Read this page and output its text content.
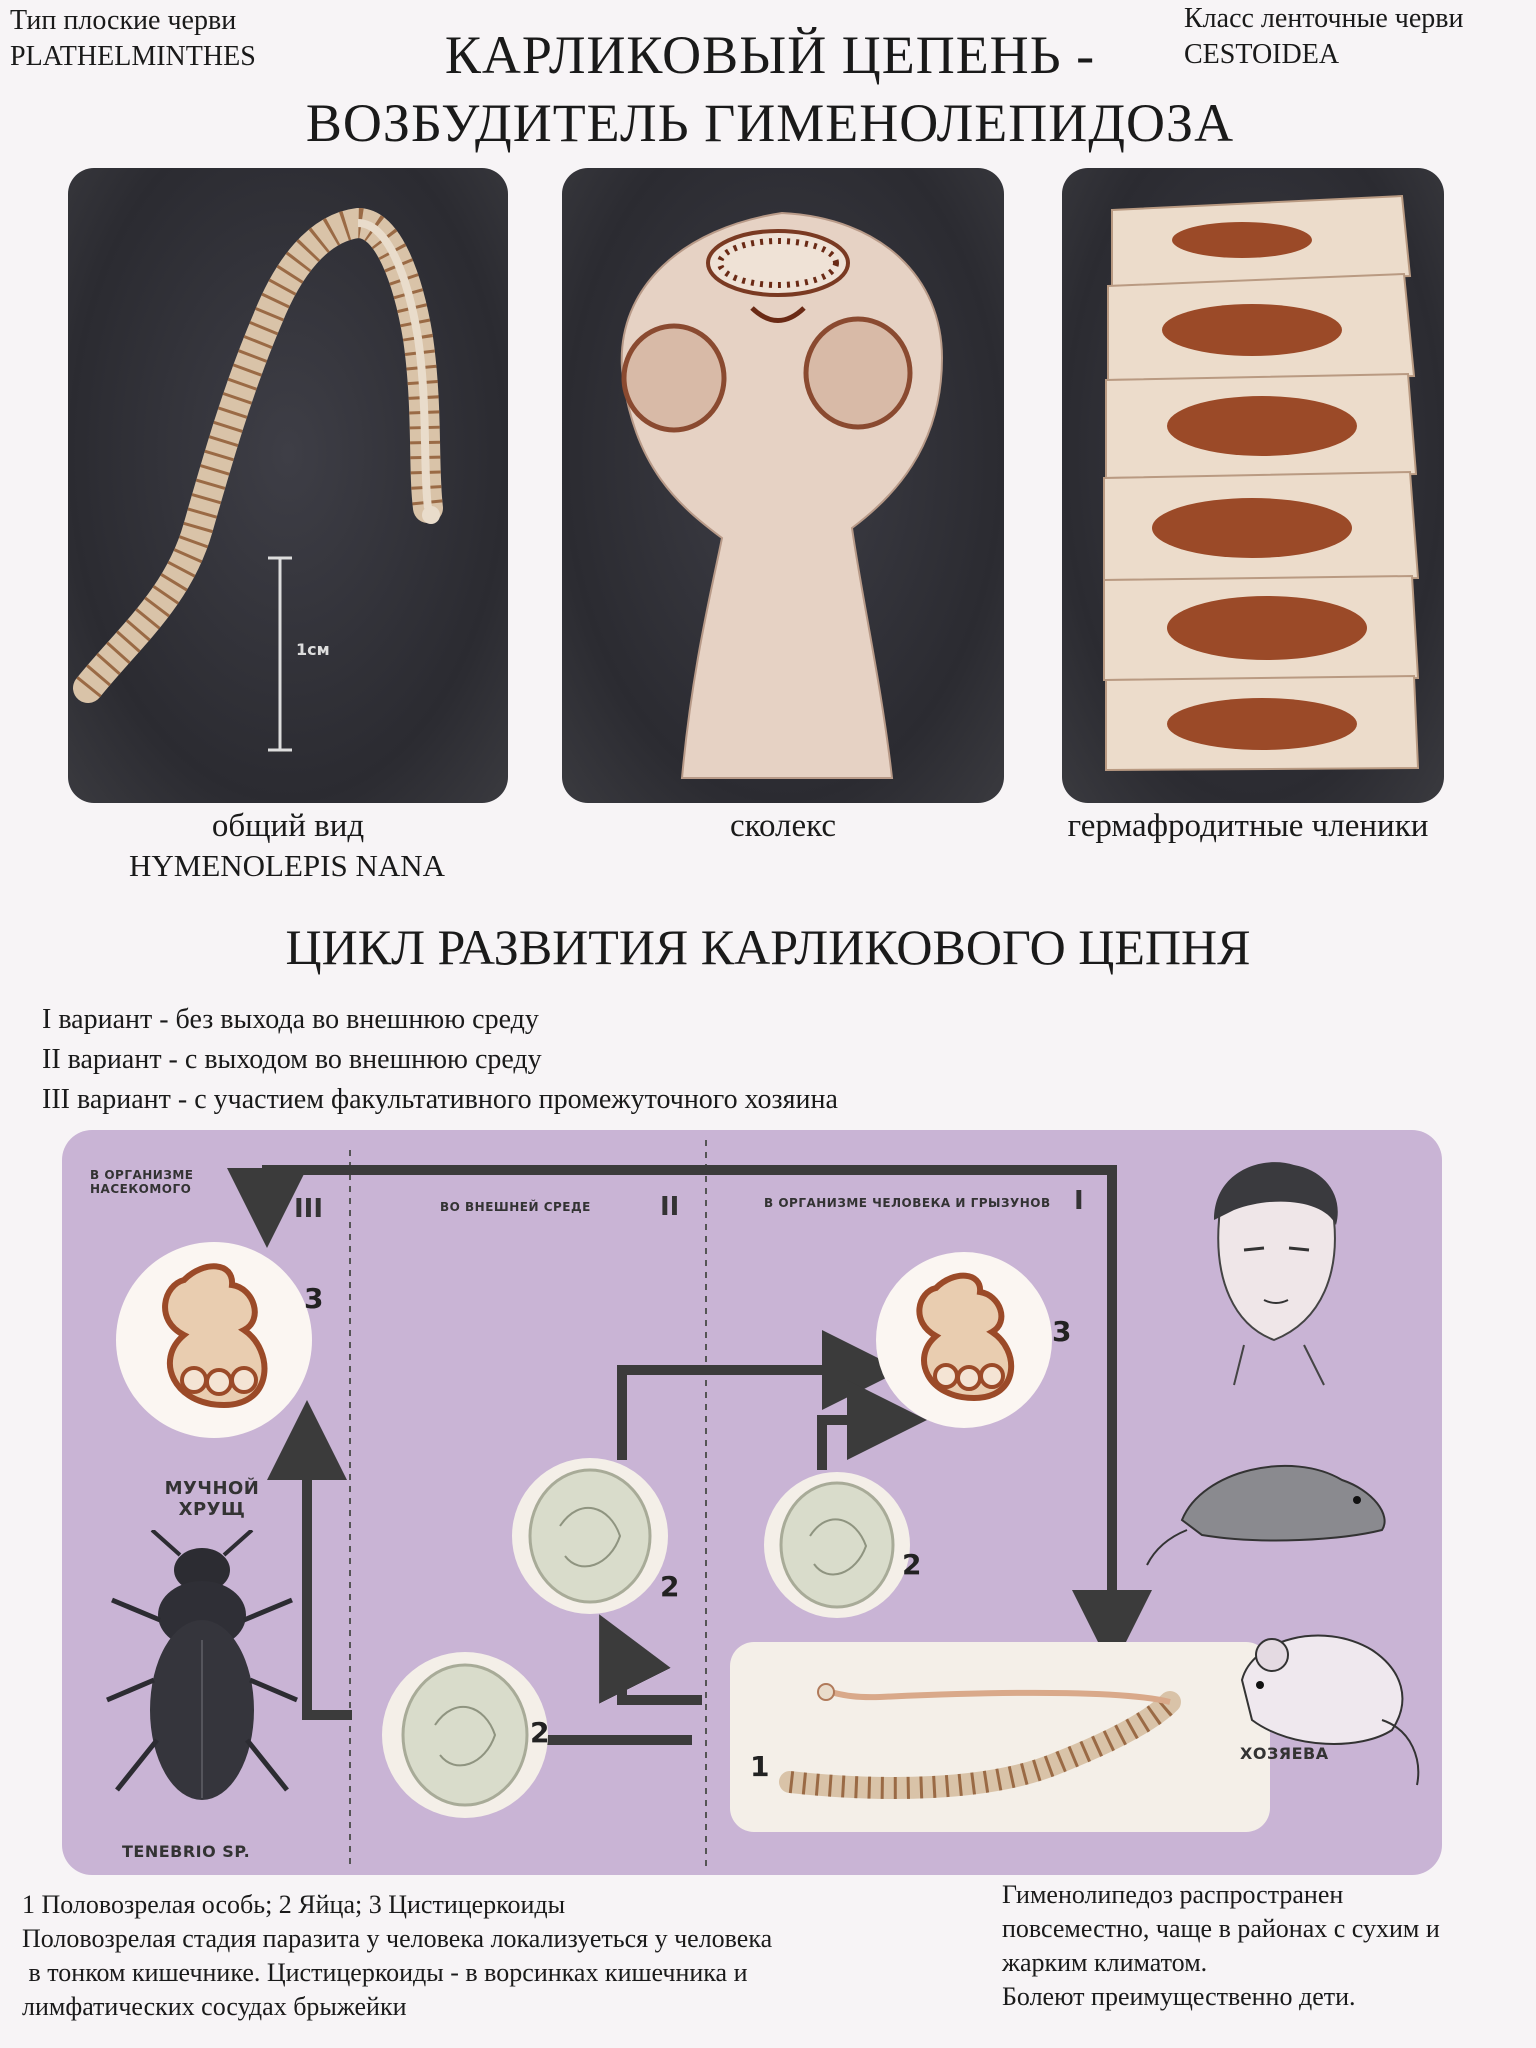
Тип плоские черви
PLATHELMINTHES
Класс ленточные черви
CESTOIDEA
КАРЛИКОВЫЙ ЦЕПЕНЬ -
ВОЗБУДИТЕЛЬ ГИМЕНОЛЕПИДОЗА
1см
общий вид
HYMENOLEPIS NANA
сколекс	гермафродитные членики
ЦИКЛ РАЗВИТИЯ КАРЛИКОВОГО ЦЕПНЯ
I вариант - без выхода во внешнюю среду
II вариант - с выходом во внешнюю среду
III вариант - с участием факультативного промежуточного хозяина
В ОРГАНИЗМЕ НАСЕКОМОГО
ВО ВНЕШНЕЙ СРЕДЕ	В ОРГАНИЗМЕ ЧЕЛОВЕКА И ГРЫЗУНОВ
III	II	I
3
3
2
2
2
1
МУЧНОЙ ХРУЩ
TENEBRIO SP.
ХОЗЯЕВА
1 Половозрелая особь; 2 Яйца; 3 Цистицеркоиды
Половозрелая стадия паразита у человека локализуеться у человека
в тонком кишечнике. Цистицеркоиды - в ворсинках кишечника и
лимфатических сосудах брыжейки
Гименолипедоз распространен
повсеместно, чаще в районах с сухим и
жарким климатом.
Болеют преимущественно дети.
